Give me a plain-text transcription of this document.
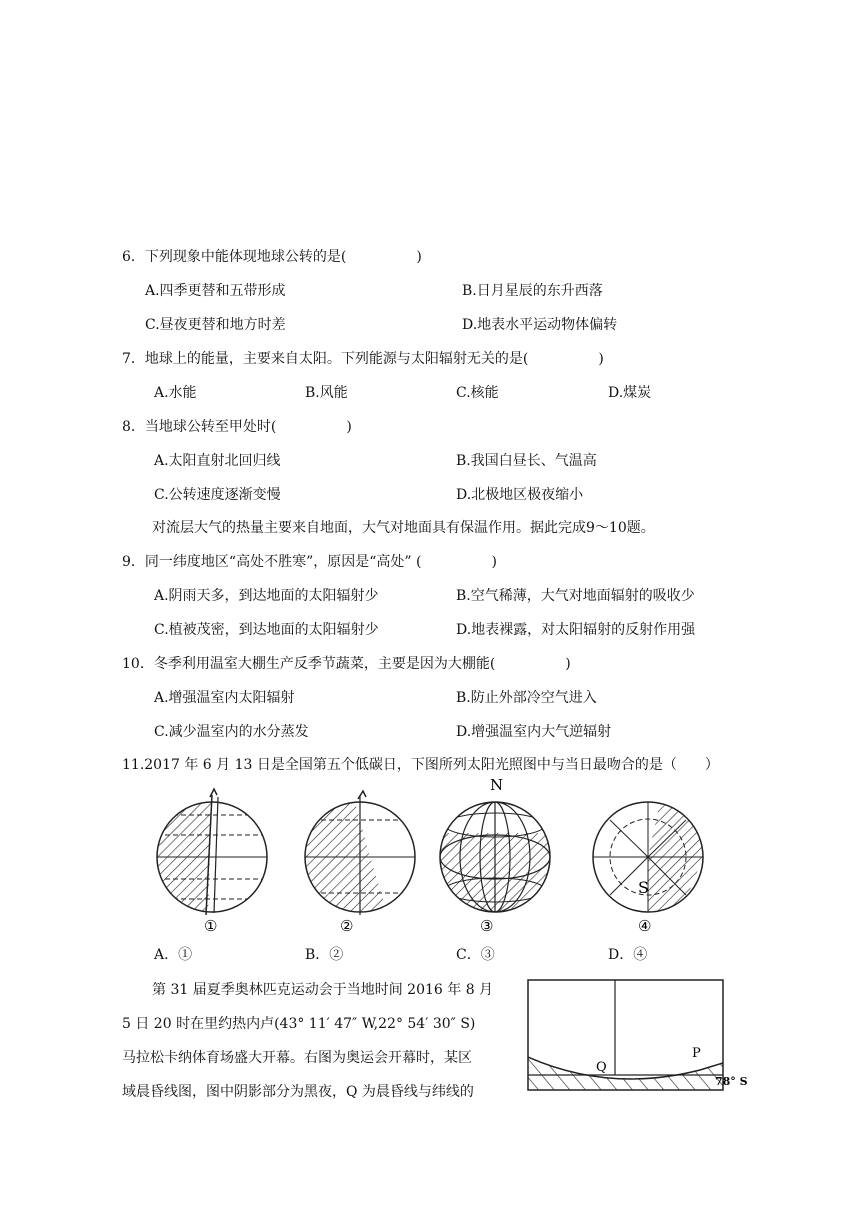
6．下列现象中能体现地球公转的是(　　　　　)
A.四季更替和五带形成	B.日月星辰的东升西落
C.昼夜更替和地方时差	D.地表水平运动物体偏转
7．地球上的能量，主要来自太阳。下列能源与太阳辐射无关的是(　　　　　)
A.水能	B.风能	C.核能	D.煤炭
8．当地球公转至甲处时(　　　　　)
A.太阳直射北回归线	B.我国白昼长、气温高
C.公转速度逐渐变慢	D.北极地区极夜缩小
对流层大气的热量主要来自地面，大气对地面具有保温作用。据此完成9～10题。
9．同一纬度地区“高处不胜寒”，原因是“高处” (　　　　　)
A.阴雨天多，到达地面的太阳辐射少	B.空气稀薄，大气对地面辐射的吸收少
C.植被茂密，到达地面的太阳辐射少	D.地表裸露，对太阳辐射的反射作用强
10．冬季利用温室大棚生产反季节蔬菜，主要是因为大棚能(　　　　　)
A.增强温室内太阳辐射	B.防止外部冷空气进入
C.减少温室内的水分蒸发	D.增强温室内大气逆辐射
11.2017 年 6 月 13 日是全国第五个低碳日，下图所列太阳光照图中与当日最吻合的是（　　）
N
S
①	②	③	④
A．①	B．②	C．③	D．④
第 31 届夏季奥林匹克运动会于当地时间 2016 年 8 月
5 日 20 时在里约热内卢(43° 11′ 47″ W,22° 54′ 30″ S)
马拉松卡纳体育场盛大开幕。右图为奥运会开幕时，某区
域晨昏线图，图中阴影部分为黑夜，Q 为晨昏线与纬线的
Q
P
78° S
